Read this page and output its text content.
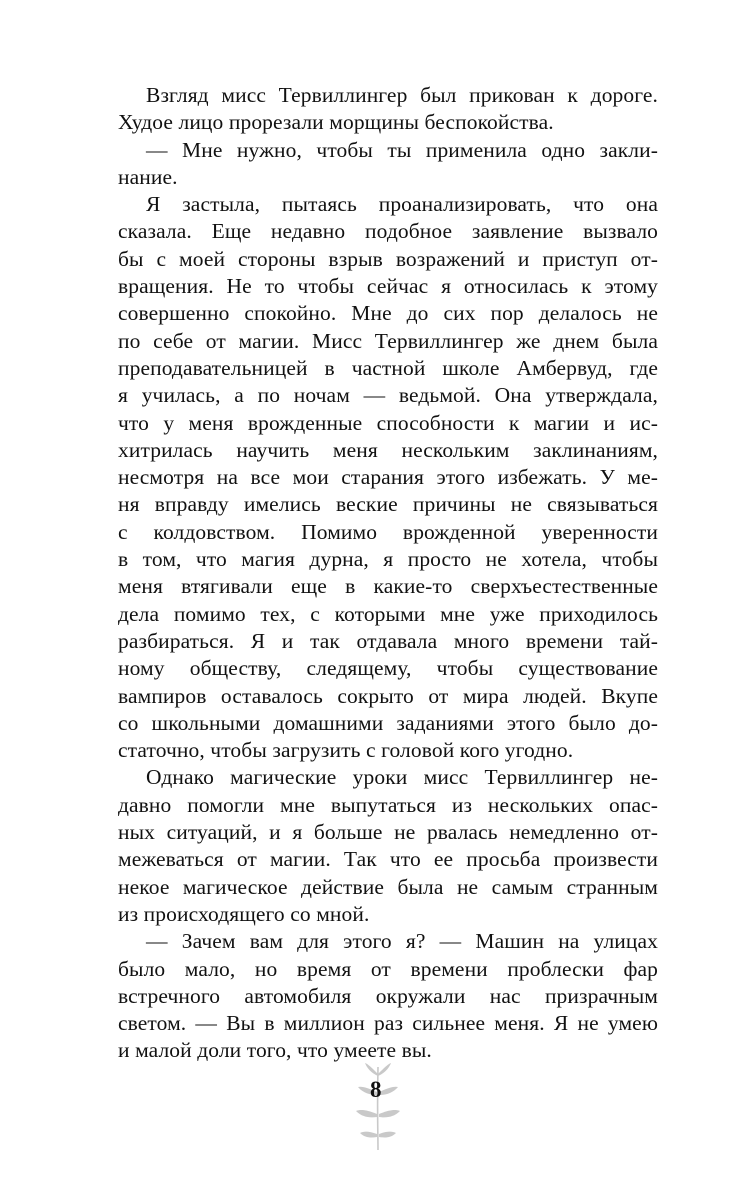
Взгляд мисс Тервиллингер был прикован к дороге.
Худое лицо прорезали морщины беспокойства.
— Мне нужно, чтобы ты применила одно закли-
нание.
Я застыла, пытаясь проанализировать, что она
сказала. Еще недавно подобное заявление вызвало
бы с моей стороны взрыв возражений и приступ от-
вращения. Не то чтобы сейчас я относилась к этому
совершенно спокойно. Мне до сих пор делалось не
по себе от магии. Мисс Тервиллингер же днем была
преподавательницей в частной школе Амбервуд, где
я училась, а по ночам — ведьмой. Она утверждала,
что у меня врожденные способности к магии и ис-
хитрилась научить меня нескольким заклинаниям,
несмотря на все мои старания этого избежать. У ме-
ня вправду имелись веские причины не связываться
с колдовством. Помимо врожденной уверенности
в том, что магия дурна, я просто не хотела, чтобы
меня втягивали еще в какие-то сверхъестественные
дела помимо тех, с которыми мне уже приходилось
разбираться. Я и так отдавала много времени тай-
ному обществу, следящему, чтобы существование
вампиров оставалось сокрыто от мира людей. Вкупе
со школьными домашними заданиями этого было до-
статочно, чтобы загрузить с головой кого угодно.
Однако магические уроки мисс Тервиллингер не-
давно помогли мне выпутаться из нескольких опас-
ных ситуаций, и я больше не рвалась немедленно от-
межеваться от магии. Так что ее просьба произвести
некое магическое действие была не самым странным
из происходящего со мной.
— Зачем вам для этого я? — Машин на улицах
было мало, но время от времени проблески фар
встречного автомобиля окружали нас призрачным
светом. — Вы в миллион раз сильнее меня. Я не умею
и малой доли того, что умеете вы.
8
